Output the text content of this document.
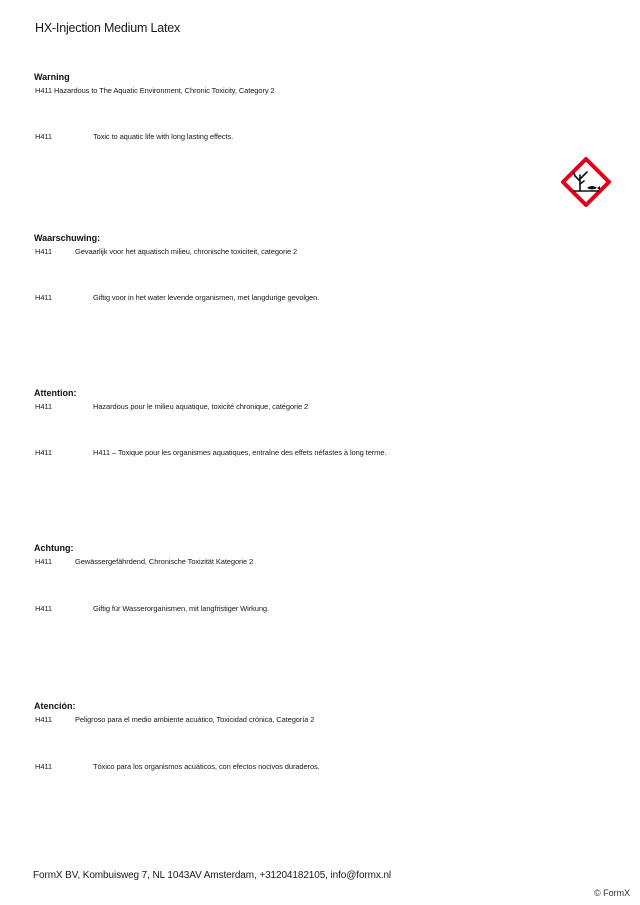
HX-Injection Medium Latex
Warning
H411 Hazardous to The Aquatic Environment, Chronic Toxicity, Category 2
H411	Toxic to aquatic life with long lasting effects.
Waarschuwing:
H411	Gevaarlijk voor het aquatisch milieu, chronische toxiciteit, categorie 2
H411	Giftig voor in het water levende organismen, met langdurige gevolgen.
Attention:
H411	Hazardous pour le milieu aquatique, toxicité chronique, catégorie 2
H411	H411 – Toxique pour les organismes aquatiques, entraîne des effets néfastes à long terme.
Achtung:
H411	Gewässergefährdend, Chronische Toxizität Kategorie 2
H411	Giftig für Wasserorganismen, mit langfristiger Wirkung.
Atención:
H411	Peligroso para el medio ambiente acuático, Toxicidad crónica, Categoría 2
H411	Tóxico para los organismos acuáticos, con efectos nocivos duraderos.
FormX BV, Kombuisweg 7, NL 1043AV Amsterdam, +31204182105, info@formx.nl
© FormX
